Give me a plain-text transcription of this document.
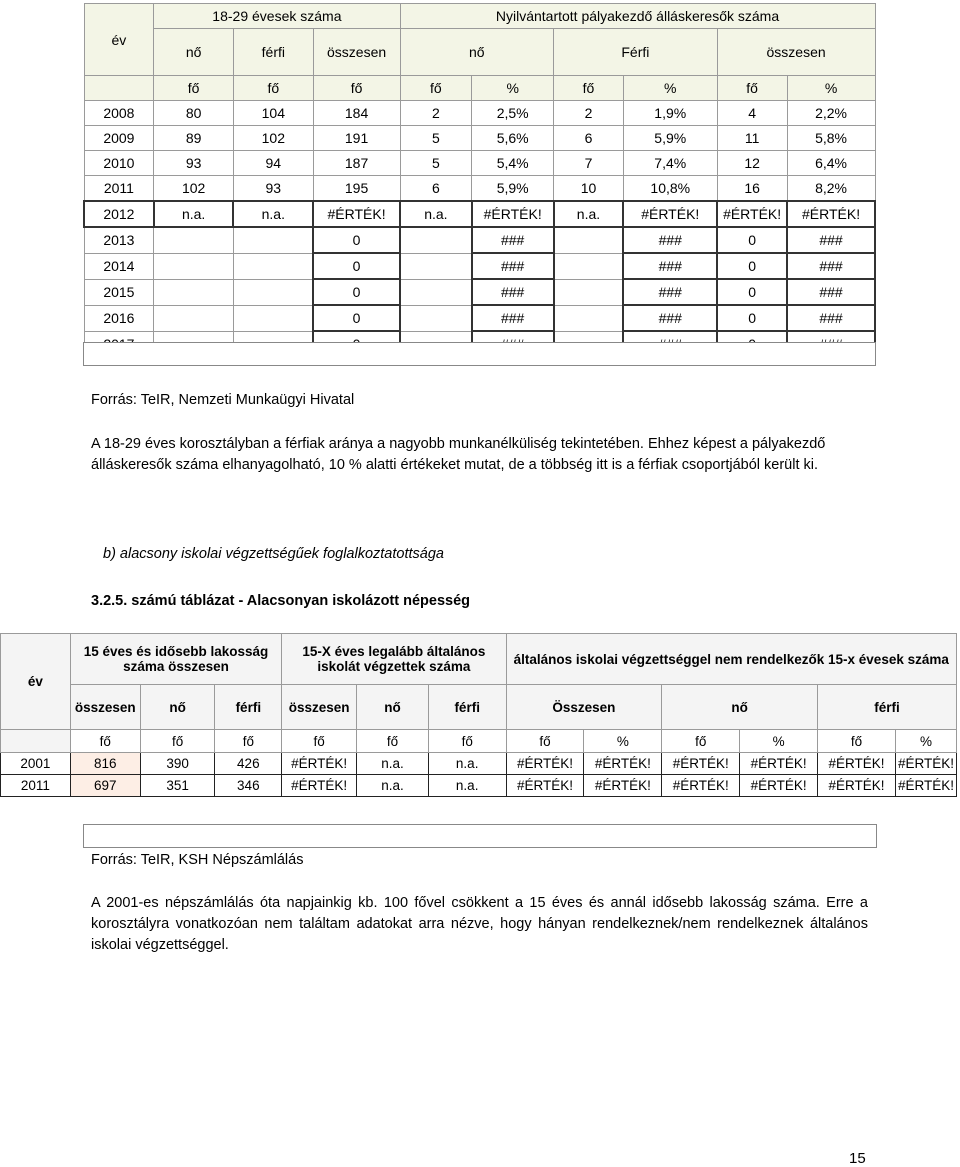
év	18-29 évesek száma			Nyilvántartott pályakezdő álláskeresők száma					
	nő	férfi	összesen	nő		Férfi		összesen	
	fő	fő	fő	fő	%	fő	%	fő	%
2008	80	104	184	2	2,5%	2	1,9%	4	2,2%
2009	89	102	191	5	5,6%	6	5,9%	11	5,8%
2010	93	94	187	5	5,4%	7	7,4%	12	6,4%
2011	102	93	195	6	5,9%	10	10,8%	16	8,2%
2012	n.a.	n.a.	#ÉRTÉK!	n.a.	#ÉRTÉK!	n.a.	#ÉRTÉK!	#ÉRTÉK!	#ÉRTÉK!
2013			0		###		###	0	###
2014			0		###		###	0	###
2015			0		###		###	0	###
2016			0		###		###	0	###

Forrás: TeIR, Nemzeti Munkaügyi Hivatal
A 18-29 éves korosztályban a férfiak aránya a nagyobb munkanélküliség tekintetében. Ehhez képest a pályakezdő álláskeresők száma elhanyagolható, 10 % alatti értékeket mutat, de a többség itt is a férfiak csoportjából került ki.
b) alacsony iskolai végzettségűek foglalkoztatottsága
3.2.5. számú táblázat - Alacsonyan iskolázott népesség
év	15 éves és idősebb lakosság száma összesen			15-X éves legalább általános iskolát végzettek száma			általános iskolai végzettséggel nem rendelkezők 15-x évesek száma					
	összesen	nő	férfi	összesen	nő	férfi	Összesen		nő		férfi	
	fő	fő	fő	fő	fő	fő	fő	%	fő	%	fő	%
2001	816	390	426	#ÉRTÉK!	n.a.	n.a.	#ÉRTÉK!	#ÉRTÉK!	#ÉRTÉK!	#ÉRTÉK!	#ÉRTÉK!	#ÉRTÉK!
2011	697	351	346	#ÉRTÉK!	n.a.	n.a.	#ÉRTÉK!	#ÉRTÉK!	#ÉRTÉK!	#ÉRTÉK!	#ÉRTÉK!	#ÉRTÉK!
Forrás: TeIR, KSH Népszámlálás
A 2001-es népszámlálás óta napjainkig kb. 100 fővel csökkent a 15 éves és annál idősebb lakosság száma. Erre a korosztályra vonatkozóan nem találtam adatokat arra nézve, hogy hányan rendelkeznek/nem rendelkeznek általános iskolai végzettséggel.
15
